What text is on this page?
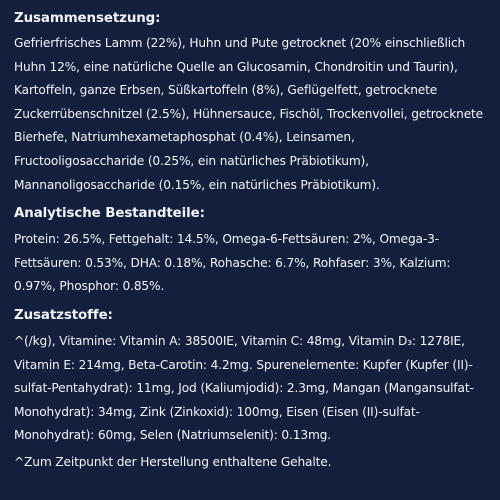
Zusammensetzung:

Gefrierfrisches Lamm (22%), Huhn und Pute getrocknet (20% einschließlich Huhn 12%, eine natürliche Quelle an Glucosamin, Chondroitin und Taurin), Kartoffeln, ganze Erbsen, Süßkartoffeln (8%), Geflügelfett, getrocknete Zuckerrübenschnitzel (2.5%), Hühnersauce, Fischöl, Trockenvollei, getrocknete Bierhefe, Natriumhexametaphosphat (0.4%), Leinsamen, Fructooligosaccharide (0.25%, ein natürliches Präbiotikum), Mannanoligosaccharide (0.15%, ein natürliches Präbiotikum).

Analytische Bestandteile:

Protein: 26.5%, Fettgehalt: 14.5%, Omega-6-Fettsäuren: 2%, Omega-3-Fettsäuren: 0.53%, DHA: 0.18%, Rohasche: 6.7%, Rohfaser: 3%, Kalzium: 0.97%, Phosphor: 0.85%.

Zusatzstoffe:

^(/kg), Vitamine: Vitamin A: 38500IE, Vitamin C: 48mg, Vitamin D₃: 1278IE, Vitamin E: 214mg, Beta-Carotin: 4.2mg. Spurenelemente: Kupfer (Kupfer (II)-sulfat-Pentahydrat): 11mg, Jod (Kaliumjodid): 2.3mg, Mangan (Mangansulfat-Monohydrat): 34mg, Zink (Zinkoxid): 100mg, Eisen (Eisen (II)-sulfat-Monohydrat): 60mg, Selen (Natriumselenit): 0.13mg.

^Zum Zeitpunkt der Herstellung enthaltene Gehalte.
